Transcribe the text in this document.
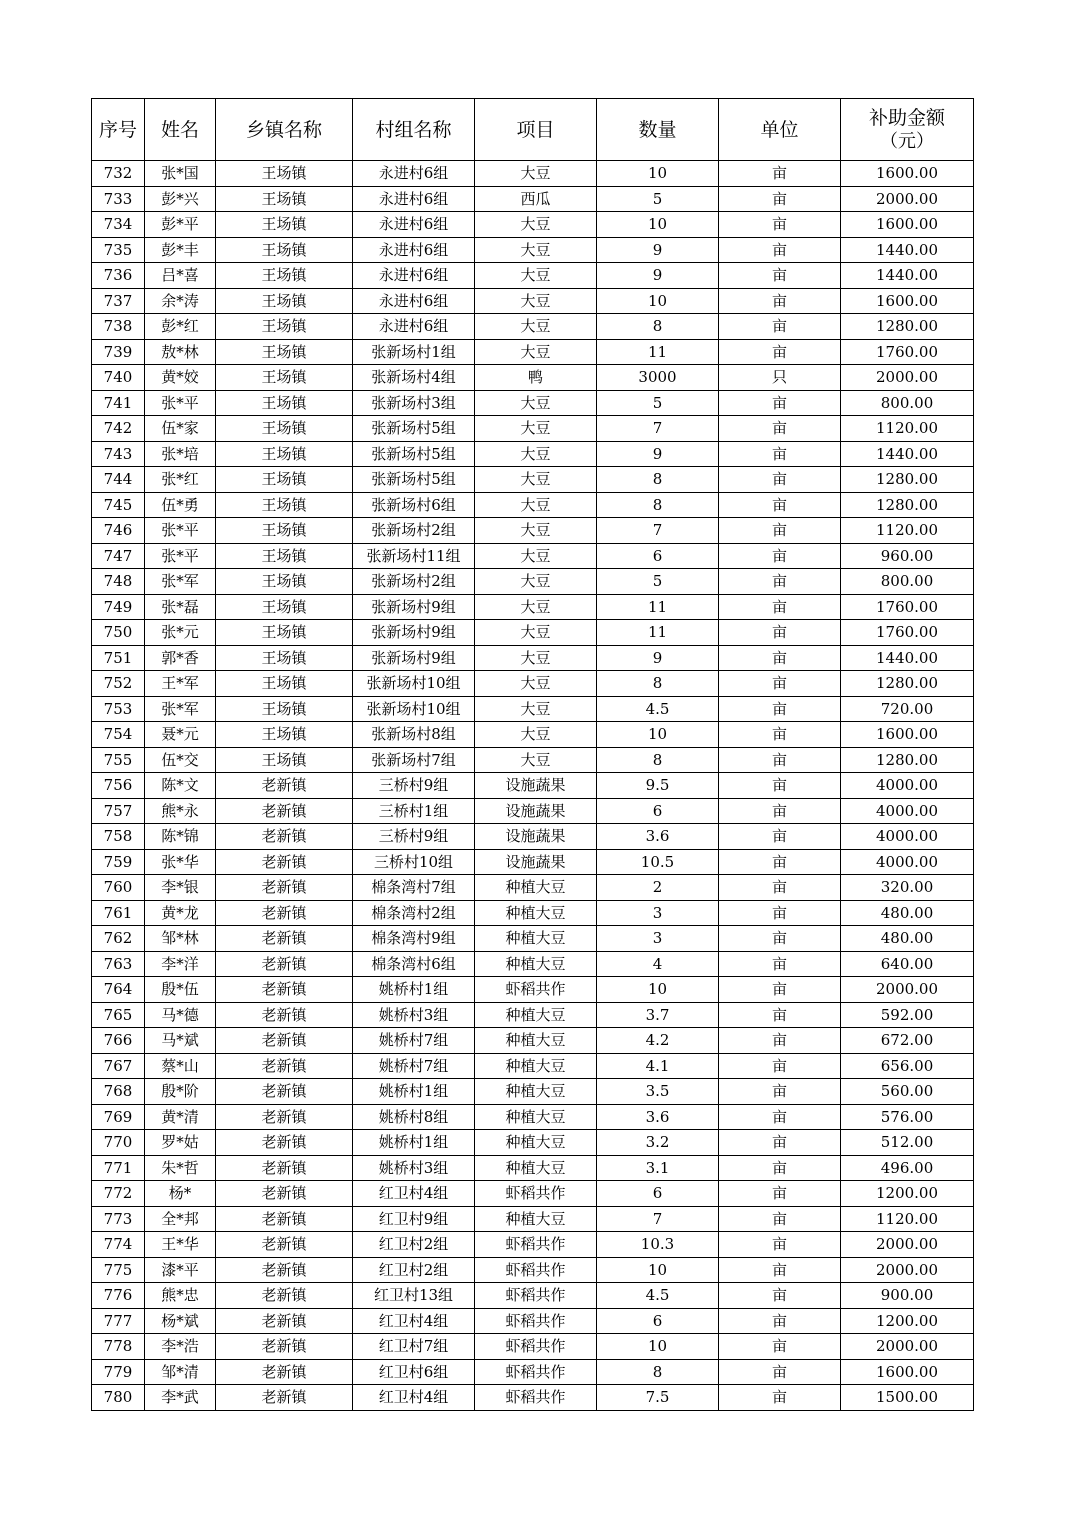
序号	姓名	乡镇名称	村组名称	项目	数量	单位	补助金额
（元）

732	张*国	王场镇	永进村6组	大豆	10	亩	1600.00
733	彭*兴	王场镇	永进村6组	西瓜	5	亩	2000.00
734	彭*平	王场镇	永进村6组	大豆	10	亩	1600.00
735	彭*丰	王场镇	永进村6组	大豆	9	亩	1440.00
736	吕*喜	王场镇	永进村6组	大豆	9	亩	1440.00
737	余*涛	王场镇	永进村6组	大豆	10	亩	1600.00
738	彭*红	王场镇	永进村6组	大豆	8	亩	1280.00
739	敖*林	王场镇	张新场村1组	大豆	11	亩	1760.00
740	黄*姣	王场镇	张新场村4组	鸭	3000	只	2000.00
741	张*平	王场镇	张新场村3组	大豆	5	亩	800.00
742	伍*家	王场镇	张新场村5组	大豆	7	亩	1120.00
743	张*培	王场镇	张新场村5组	大豆	9	亩	1440.00
744	张*红	王场镇	张新场村5组	大豆	8	亩	1280.00
745	伍*勇	王场镇	张新场村6组	大豆	8	亩	1280.00
746	张*平	王场镇	张新场村2组	大豆	7	亩	1120.00
747	张*平	王场镇	张新场村11组	大豆	6	亩	960.00
748	张*军	王场镇	张新场村2组	大豆	5	亩	800.00
749	张*磊	王场镇	张新场村9组	大豆	11	亩	1760.00
750	张*元	王场镇	张新场村9组	大豆	11	亩	1760.00
751	郭*香	王场镇	张新场村9组	大豆	9	亩	1440.00
752	王*军	王场镇	张新场村10组	大豆	8	亩	1280.00
753	张*军	王场镇	张新场村10组	大豆	4.5	亩	720.00
754	聂*元	王场镇	张新场村8组	大豆	10	亩	1600.00
755	伍*交	王场镇	张新场村7组	大豆	8	亩	1280.00
756	陈*文	老新镇	三桥村9组	设施蔬果	9.5	亩	4000.00
757	熊*永	老新镇	三桥村1组	设施蔬果	6	亩	4000.00
758	陈*锦	老新镇	三桥村9组	设施蔬果	3.6	亩	4000.00
759	张*华	老新镇	三桥村10组	设施蔬果	10.5	亩	4000.00
760	李*银	老新镇	棉条湾村7组	种植大豆	2	亩	320.00
761	黄*龙	老新镇	棉条湾村2组	种植大豆	3	亩	480.00
762	邹*林	老新镇	棉条湾村9组	种植大豆	3	亩	480.00
763	李*洋	老新镇	棉条湾村6组	种植大豆	4	亩	640.00
764	殷*伍	老新镇	姚桥村1组	虾稻共作	10	亩	2000.00
765	马*德	老新镇	姚桥村3组	种植大豆	3.7	亩	592.00
766	马*斌	老新镇	姚桥村7组	种植大豆	4.2	亩	672.00
767	蔡*山	老新镇	姚桥村7组	种植大豆	4.1	亩	656.00
768	殷*阶	老新镇	姚桥村1组	种植大豆	3.5	亩	560.00
769	黄*清	老新镇	姚桥村8组	种植大豆	3.6	亩	576.00
770	罗*姑	老新镇	姚桥村1组	种植大豆	3.2	亩	512.00
771	朱*哲	老新镇	姚桥村3组	种植大豆	3.1	亩	496.00
772	杨*	老新镇	红卫村4组	虾稻共作	6	亩	1200.00
773	全*邦	老新镇	红卫村9组	种植大豆	7	亩	1120.00
774	王*华	老新镇	红卫村2组	虾稻共作	10.3	亩	2000.00
775	漆*平	老新镇	红卫村2组	虾稻共作	10	亩	2000.00
776	熊*忠	老新镇	红卫村13组	虾稻共作	4.5	亩	900.00
777	杨*斌	老新镇	红卫村4组	虾稻共作	6	亩	1200.00
778	李*浩	老新镇	红卫村7组	虾稻共作	10	亩	2000.00
779	邹*清	老新镇	红卫村6组	虾稻共作	8	亩	1600.00
780	李*武	老新镇	红卫村4组	虾稻共作	7.5	亩	1500.00
